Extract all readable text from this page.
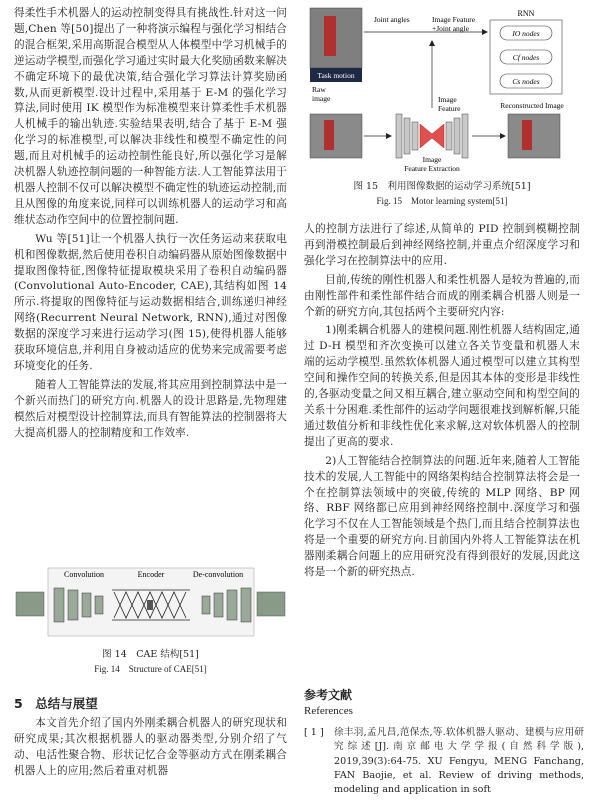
得柔性手术机器人的运动控制变得具有挑战性.针对这一问题,Chen 等[50]提出了一种将演示编程与强化学习相结合的混合框架,采用高斯混合模型从人体模型中学习机械手的逆运动学模型,而强化学习通过实时最大化奖励函数来解决不确定环境下的最优决策,结合强化学习算法计算奖励函数,从而更新模型.设计过程中,采用基于 E-M 的强化学习算法,同时使用 IK 模型作为标准模型来计算柔性手术机器人机械手的输出轨迹.实验结果表明,结合了基于 E-M 强化学习的标准模型,可以解决非线性和模型不确定性的问题,而且对机械手的运动控制性能良好,所以强化学习是解决机器人轨迹控制问题的一种智能方法.人工智能算法用于机器人控制不仅可以解决模型不确定性的轨迹运动控制,而且从图像的角度来说,同样可以训练机器人的运动学习和高维状态动作空间中的位置控制问题.

Wu 等[51]让一个机器人执行一次任务运动来获取电机和图像数据,然后使用卷积自动编码器从原始图像数据中提取图像特征,图像特征提取模块采用了卷积自动编码器(Convolutional Auto-Encoder, CAE),其结构如图 14 所示.将提取的图像特征与运动数据相结合,训练递归神经网络(Recurrent Neural Network, RNN),通过对图像数据的深度学习来进行运动学习(图 15),使得机器人能够获取环境信息,并利用自身被动适应的优势来完成需要考虑环境变化的任务.

随着人工智能算法的发展,将其应用到控制算法中是一个新兴而热门的研究方向.机器人的设计思路是,先物理建模然后对模型设计控制算法,而具有智能算法的控制器将大大提高机器人的控制精度和工作效率.

Convolution	Encoder	De-convolution
图 14　CAE 结构[51]
Fig. 14　Structure of CAE[51]
5　总结与展望

本文首先介绍了国内外刚柔耦合机器人的研究现状和研究成果;其次根据机器人的驱动器类型,分别介绍了气动、电活性聚合物、形状记忆合金等驱动方式在刚柔耦合机器人上的应用;然后着重对机器

Task motion
Raw image
Joint angles	Image Feature +Joint angle
RNN
IO nodes
Cf nodes
Cs nodes
Image Feature	Reconstructed Image
Image Feature Extraction
图 15　利用图像数据的运动学习系统[51]
Fig. 15　Motor learning system[51]

人的控制方法进行了综述,从简单的 PID 控制到模糊控制再到滑模控制最后到神经网络控制,并重点介绍深度学习和强化学习在控制算法中的应用.

目前,传统的刚性机器人和柔性机器人是较为普遍的,而由刚性部件和柔性部件结合而成的刚柔耦合机器人则是一个新的研究方向,其包括两个主要研究内容:

1)刚柔耦合机器人的建模问题.刚性机器人结构固定,通过 D-H 模型和齐次变换可以建立各关节变量和机器人末端的运动学模型.虽然软体机器人通过模型可以建立其构型空间和操作空间的转换关系,但是因其本体的变形是非线性的,各驱动变量之间又相互耦合,建立驱动空间和构型空间的关系十分困难.柔性部件的运动学问题很难找到解析解,只能通过数值分析和非线性优化来求解,这对软体机器人的控制提出了更高的要求.

2)人工智能结合控制算法的问题.近年来,随着人工智能技术的发展,人工智能中的网络架构结合控制算法将会是一个在控制算法领域中的突破,传统的 MLP 网络、BP 网络、RBF 网络都已应用到神经网络控制中.深度学习和强化学习不仅在人工智能领域是个热门,而且结合控制算法也将是一个重要的研究方向.目前国内外将人工智能算法在机器刚柔耦合问题上的应用研究没有得到很好的发展,因此这将是一个新的研究热点.

参考文献
References
[ 1 ] 徐丰羽,孟凡昌,范保杰,等.软体机器人驱动、建模与应用研究综述[J].南京邮电大学学报(自然科学版), 2019,39(3):64-75. XU Fengyu, MENG Fanchang, FAN Baojie, et al. Review of driving methods, modeling and application in soft
